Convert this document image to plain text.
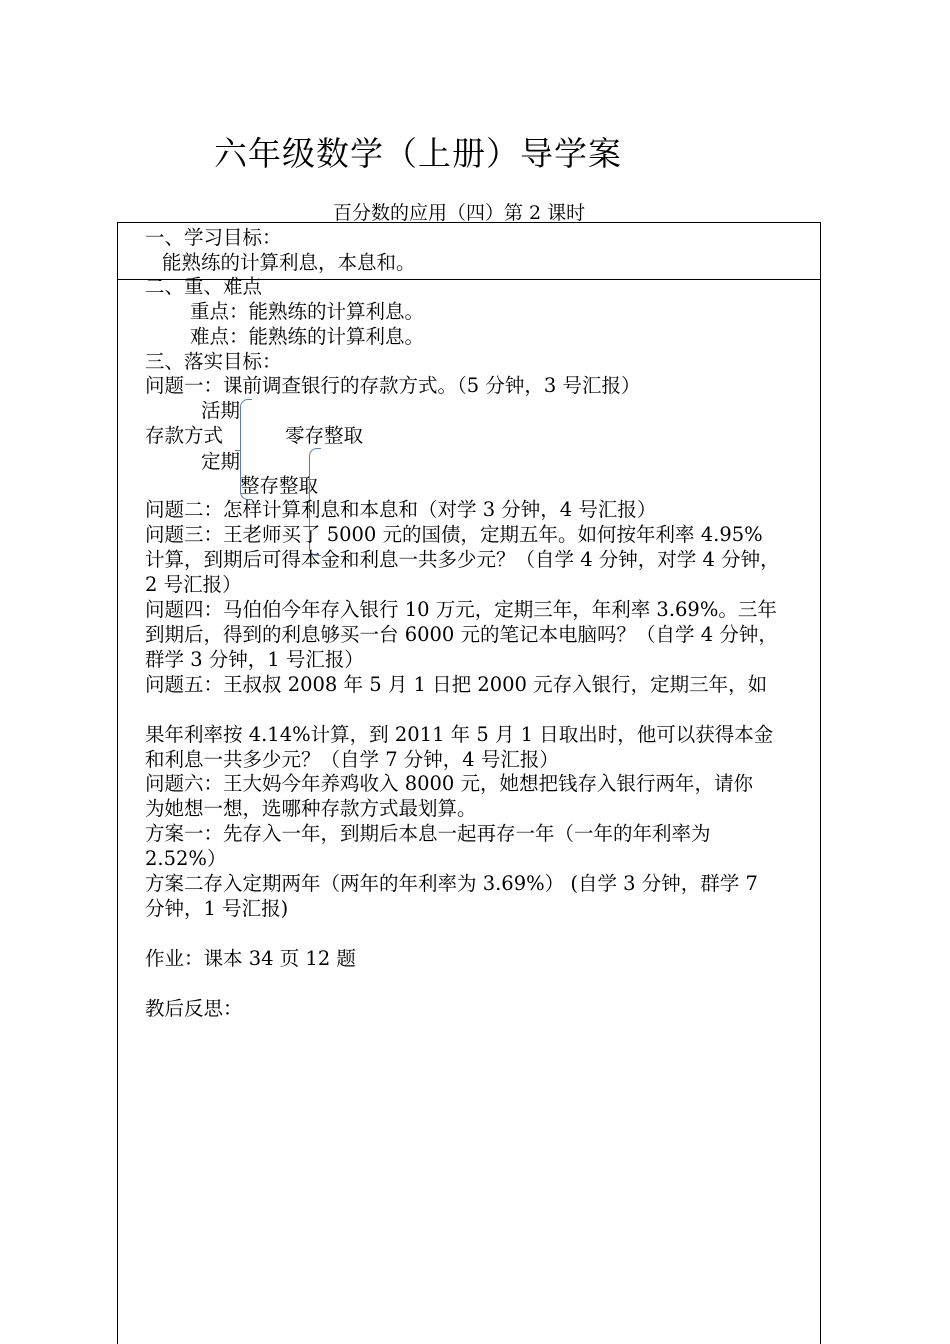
六年级数学（上册）导学案
百分数的应用（四）第 2 课时
一、学习目标：
能熟练的计算利息，本息和。
二、重、难点
重点：能熟练的计算利息。
难点：能熟练的计算利息。
三、落实目标：
问题一：课前调查银行的存款方式。（5 分钟，3 号汇报）
活期
存款方式	零存整取
定期
整存整取
问题二：怎样计算利息和本息和（对学 3 分钟，4 号汇报）
问题三：王老师买了 5000 元的国债，定期五年。如何按年利率 4.95%
计算，到期后可得本金和利息一共多少元？（自学 4 分钟，对学 4 分钟，
2 号汇报）
问题四：马伯伯今年存入银行 10 万元，定期三年，年利率 3.69%。三年
到期后，得到的利息够买一台 6000 元的笔记本电脑吗？（自学 4 分钟，
群学 3 分钟，1 号汇报）
问题五：王叔叔 2008 年 5 月 1 日把 2000 元存入银行，定期三年，如
果年利率按 4.14%计算，到 2011 年 5 月 1 日取出时，他可以获得本金
和利息一共多少元？（自学 7 分钟，4 号汇报）
问题六：王大妈今年养鸡收入 8000 元，她想把钱存入银行两年，请你
为她想一想，选哪种存款方式最划算。
方案一：先存入一年，到期后本息一起再存一年（一年的年利率为
2.52%）
方案二存入定期两年（两年的年利率为 3.69%） (自学 3 分钟，群学 7
分钟，1 号汇报)
作业：课本 34 页 12 题
教后反思：
